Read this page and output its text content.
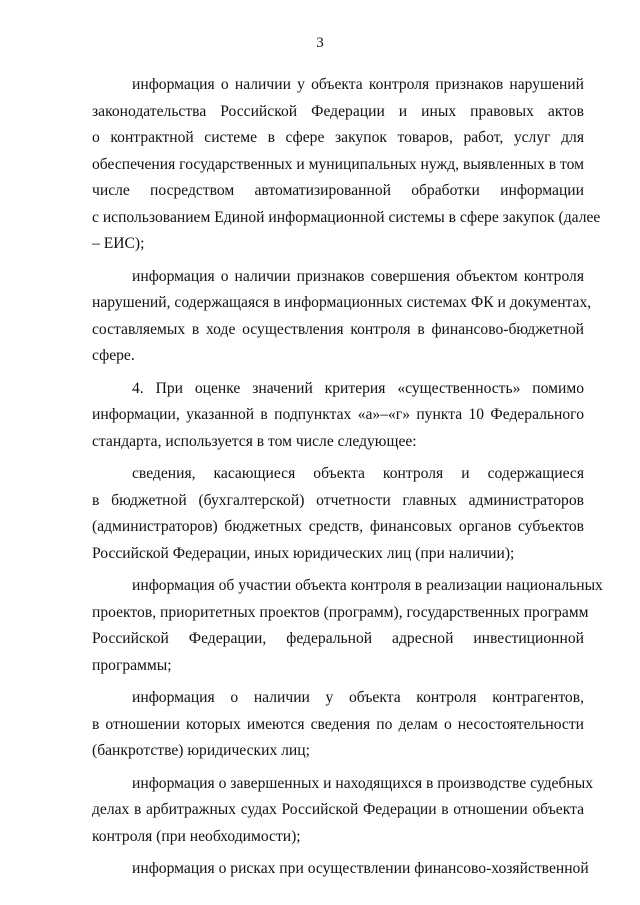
3
информация о наличии у объекта контроля признаков нарушений
законодательства Российской Федерации и иных правовых актов
о контрактной системе в сфере закупок товаров, работ, услуг для
обеспечения государственных и муниципальных нужд, выявленных в том
числе посредством автоматизированной обработки информации
с использованием Единой информационной системы в сфере закупок (далее
– ЕИС);
информация о наличии признаков совершения объектом контроля
нарушений, содержащаяся в информационных системах ФК и документах,
составляемых в ходе осуществления контроля в финансово-бюджетной
сфере.
4. При оценке значений критерия «существенность» помимо
информации, указанной в подпунктах «а»–«г» пункта 10 Федерального
стандарта, используется в том числе следующее:
сведения, касающиеся объекта контроля и содержащиеся
в бюджетной (бухгалтерской) отчетности главных администраторов
(администраторов) бюджетных средств, финансовых органов субъектов
Российской Федерации, иных юридических лиц (при наличии);
информация об участии объекта контроля в реализации национальных
проектов, приоритетных проектов (программ), государственных программ
Российской Федерации, федеральной адресной инвестиционной
программы;
информация о наличии у объекта контроля контрагентов,
в отношении которых имеются сведения по делам о несостоятельности
(банкротстве) юридических лиц;
информация о завершенных и находящихся в производстве судебных
делах в арбитражных судах Российской Федерации в отношении объекта
контроля (при необходимости);
информация о рисках при осуществлении финансово-хозяйственной
